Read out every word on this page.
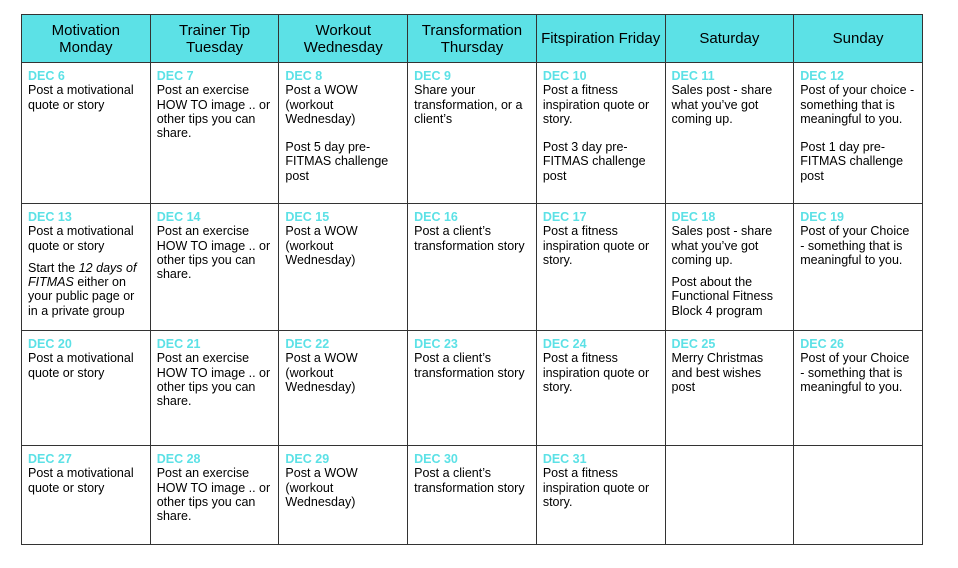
Motivation Monday	Trainer Tip Tuesday	Workout Wednesday	Transformation Thursday	Fitspiration Friday	Saturday	Sunday

DEC 6
Post a motivational quote or story	DEC 7
Post an exercise HOW TO image .. or other tips you can share.	DEC 8
Post a WOW (workout Wednesday)
Post 5 day pre-FITMAS challenge post	DEC 9
Share your transformation, or a client’s	DEC 10
Post a fitness inspiration quote or story.
Post 3 day pre-FITMAS challenge post	DEC 11
Sales post - share what you’ve got coming up.	DEC 12
Post of your choice - something that is meaningful to you.
Post 1 day pre-FITMAS challenge post

DEC 13
Post a motivational quote or story
Start the 12 days of FITMAS either on your public page or in a private group	DEC 14
Post an exercise HOW TO image .. or other tips you can share.	DEC 15
Post a WOW (workout Wednesday)	DEC 16
Post a client’s transformation story	DEC 17
Post a fitness inspiration quote or story.	DEC 18
Sales post - share what you’ve got coming up.
Post about the Functional Fitness Block 4 program	DEC 19
Post of your Choice - something that is meaningful to you.

DEC 20
Post a motivational quote or story	DEC 21
Post an exercise HOW TO image .. or other tips you can share.	DEC 22
Post a WOW (workout Wednesday)	DEC 23
Post a client’s transformation story	DEC 24
Post a fitness inspiration quote or story.	DEC 25
Merry Christmas and best wishes post	DEC 26
Post of your Choice - something that is meaningful to you.

DEC 27
Post a motivational quote or story	DEC 28
Post an exercise HOW TO image .. or other tips you can share.	DEC 29
Post a WOW (workout Wednesday)	DEC 30
Post a client’s transformation story	DEC 31
Post a fitness inspiration quote or story.		
